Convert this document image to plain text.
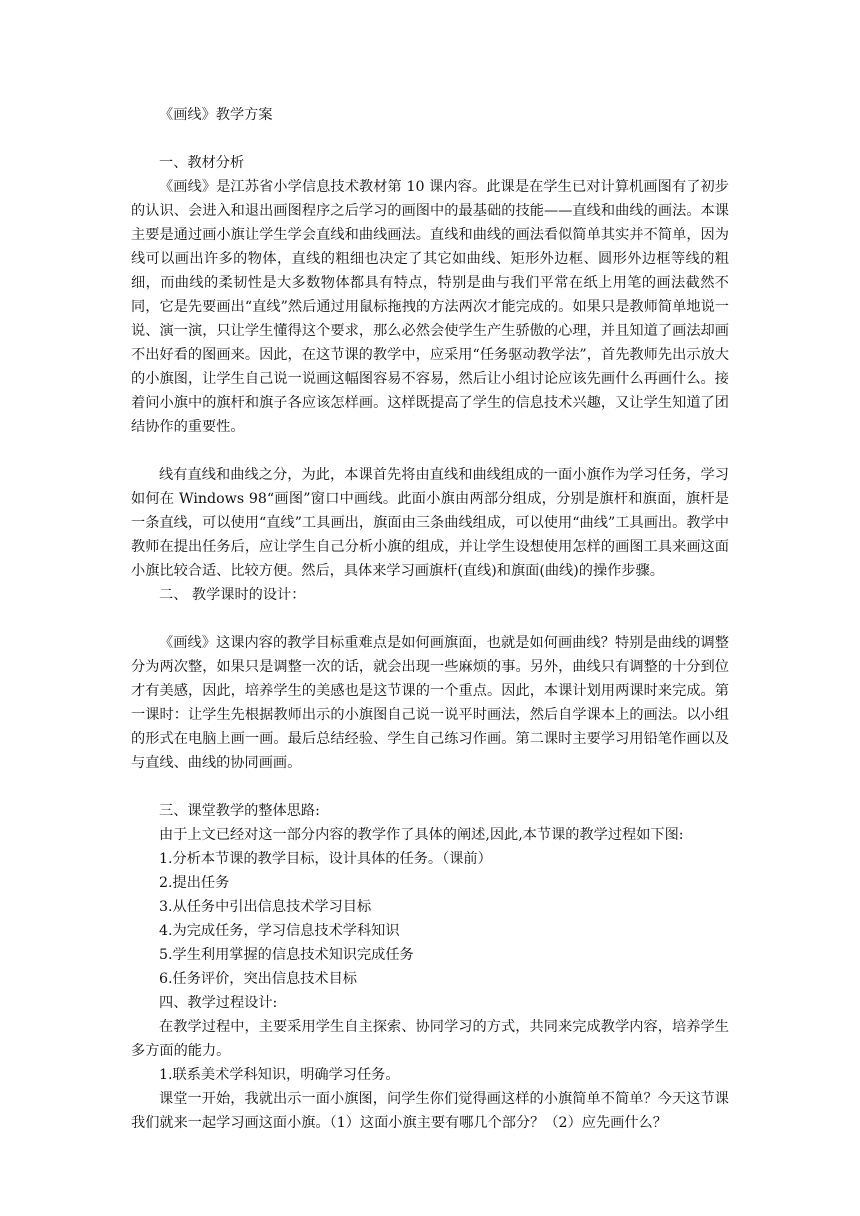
《画线》教学方案
一、教材分析

《画线》是江苏省小学信息技术教材第 10 课内容。此课是在学生已对计算机画图有了初步的认识、会进入和退出画图程序之后学习的画图中的最基础的技能——直线和曲线的画法。本课主要是通过画小旗让学生学会直线和曲线画法。直线和曲线的画法看似简单其实并不简单，因为线可以画出许多的物体，直线的粗细也决定了其它如曲线、矩形外边框、圆形外边框等线的粗细，而曲线的柔韧性是大多数物体都具有特点，特别是曲与我们平常在纸上用笔的画法截然不同，它是先要画出“直线”然后通过用鼠标拖拽的方法两次才能完成的。如果只是教师简单地说一说、演一演，只让学生懂得这个要求，那么必然会使学生产生骄傲的心理，并且知道了画法却画不出好看的图画来。因此，在这节课的教学中，应采用“任务驱动教学法”，首先教师先出示放大的小旗图，让学生自己说一说画这幅图容易不容易，然后让小组讨论应该先画什么再画什么。接着问小旗中的旗杆和旗子各应该怎样画。这样既提高了学生的信息技术兴趣，又让学生知道了团结协作的重要性。

线有直线和曲线之分，为此，本课首先将由直线和曲线组成的一面小旗作为学习任务，学习如何在 Windows 98“画图”窗口中画线。此面小旗由两部分组成，分别是旗杆和旗面，旗杆是一条直线，可以使用“直线”工具画出，旗面由三条曲线组成，可以使用“曲线”工具画出。教学中教师在提出任务后，应让学生自己分析小旗的组成，并让学生设想使用怎样的画图工具来画这面小旗比较合适、比较方便。然后，具体来学习画旗杆(直线)和旗面(曲线)的操作步骤。

二、 教学课时的设计：

《画线》这课内容的教学目标重难点是如何画旗面，也就是如何画曲线？特别是曲线的调整分为两次整，如果只是调整一次的话，就会出现一些麻烦的事。另外，曲线只有调整的十分到位才有美感，因此，培养学生的美感也是这节课的一个重点。因此，本课计划用两课时来完成。第一课时：让学生先根据教师出示的小旗图自己说一说平时画法，然后自学课本上的画法。以小组的形式在电脑上画一画。最后总结经验、学生自己练习作画。第二课时主要学习用铅笔作画以及与直线、曲线的协同画画。

三、课堂教学的整体思路:
由于上文已经对这一部分内容的教学作了具体的阐述,因此,本节课的教学过程如下图:
1.分析本节课的教学目标，设计具体的任务。（课前）
2.提出任务
3.从任务中引出信息技术学习目标
4.为完成任务，学习信息技术学科知识
5.学生利用掌握的信息技术知识完成任务
6.任务评价，突出信息技术目标
四、教学过程设计:

在教学过程中，主要采用学生自主探索、协同学习的方式，共同来完成教学内容，培养学生多方面的能力。

1.联系美术学科知识，明确学习任务。

课堂一开始，我就出示一面小旗图，问学生你们觉得画这样的小旗简单不简单？今天这节课我们就来一起学习画这面小旗。（1）这面小旗主要有哪几个部分？（2）应先画什么？
